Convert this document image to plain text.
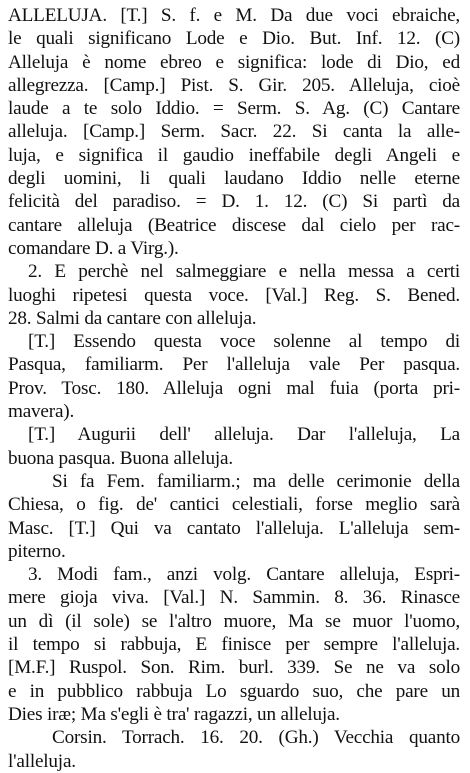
ALLELUJA. [T.] S. f. e M. Da due voci ebraiche,
le quali significano Lode e Dio. But. Inf. 12. (C)
Alleluja è nome ebreo e significa: lode di Dio, ed
allegrezza. [Camp.] Pist. S. Gir. 205. Alleluja, cioè
laude a te solo Iddio. = Serm. S. Ag. (C) Cantare
alleluja. [Camp.] Serm. Sacr. 22. Si canta la alle-
luja, e significa il gaudio ineffabile degli Angeli e
degli uomini, li quali laudano Iddio nelle eterne
felicità del paradiso. = D. 1. 12. (C) Si partì da
cantare alleluja (Beatrice discese dal cielo per rac-
comandare D. a Virg.).
2. E perchè nel salmeggiare e nella messa a certi
luoghi ripetesi questa voce. [Val.] Reg. S. Bened.
28. Salmi da cantare con alleluja.
[T.] Essendo questa voce solenne al tempo di
Pasqua, familiarm. Per l'alleluja vale Per pasqua.
Prov. Tosc. 180. Alleluja ogni mal fuia (porta pri-
mavera).
[T.] Augurii dell' alleluja. Dar l'alleluja, La
buona pasqua. Buona alleluja.
Si fa Fem. familiarm.; ma delle cerimonie della
Chiesa, o fig. de' cantici celestiali, forse meglio sarà
Masc. [T.] Qui va cantato l'alleluja. L'alleluja sem-
piterno.
3. Modi fam., anzi volg. Cantare alleluja, Espri-
mere gioja viva. [Val.] N. Sammin. 8. 36. Rinasce
un dì (il sole) se l'altro muore, Ma se muor l'uomo,
il tempo si rabbuja, E finisce per sempre l'alleluja.
[M.F.] Ruspol. Son. Rim. burl. 339. Se ne va solo
e in pubblico rabbuja Lo sguardo suo, che pare un
Dies iræ; Ma s'egli è tra' ragazzi, un alleluja.
Corsin. Torrach. 16. 20. (Gh.) Vecchia quanto
l'alleluja.
